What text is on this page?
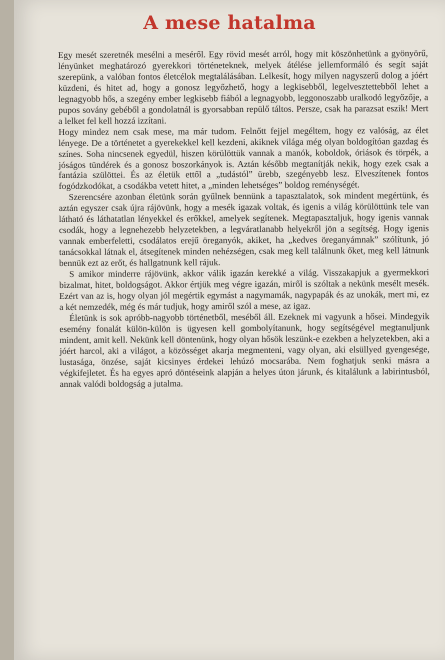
A mese hatalma

Egy mesét szeretnék mesélni a meséről. Egy rövid mesét arról, hogy mit köszönhetünk a gyönyörű, lényünket meghatározó gyerekkori történeteknek, melyek átélése jellemformáló és segít saját szerepünk, a valóban fontos életcélok megtalálásában. Lelkesít, hogy milyen nagyszerű dolog a jóért küzdeni, és hitet ad, hogy a gonosz legyőzhető, hogy a legkisebből, legelvesztettebből lehet a legnagyobb hős, a szegény ember legkisebb fiából a legnagyobb, leggonoszabb uralkodó legyőzője, a pupos sovány gebéből a gondolatnál is gyorsabban repülő táltos. Persze, csak ha parazsat eszik! Mert a lelket fel kell hozzá izzítani.

Hogy mindez nem csak mese, ma már tudom. Felnőtt fejjel megéltem, hogy ez valóság, az élet lényege. De a történetet a gyerekekkel kell kezdeni, akiknek világa még olyan boldogítóan gazdag és színes. Soha nincsenek egyedül, hiszen körülöttük vannak a manók, koboldok, óriások és törpék, a jóságos tündérek és a gonosz boszorkányok is. Aztán később megtanítják nekik, hogy ezek csak a fantázia szülöttei. És az életük ettől a „tudástól” ürebb, szegényebb lesz. Elveszítenek fontos fogódzkodókat, a csodákba vetett hitet, a „minden lehetséges” boldog reménységét.

Szerencsére azonban életünk során gyűlnek bennünk a tapasztalatok, sok mindent megértünk, és aztán egyszer csak újra rájövünk, hogy a mesék igazak voltak, és igenis a világ körülöttünk tele van látható és láthatatlan lényekkel és erőkkel, amelyek segítenek. Megtapasztaljuk, hogy igenis vannak csodák, hogy a legnehezebb helyzetekben, a legváratlanabb helyekről jön a segítség. Hogy igenis vannak emberfeletti, csodálatos erejű öreganyók, akiket, ha „kedves öreganyámnak” szólítunk, jó tanácsokkal látnak el, átsegítenek minden nehézségen, csak meg kell találnunk őket, meg kell látnunk bennük ezt az erőt, és hallgatnunk kell rájuk.

S amikor minderre rájövünk, akkor válik igazán kerekké a világ. Visszakapjuk a gyermekkori bizalmat, hitet, boldogságot. Akkor értjük meg végre igazán, miről is szóltak a nekünk mesélt mesék. Ezért van az is, hogy olyan jól megértik egymást a nagymamák, nagypapák és az unokák, mert mi, ez a két nemzedék, még és már tudjuk, hogy amiről szól a mese, az igaz.

Életünk is sok apróbb-nagyobb történetből, meséből áll. Ezeknek mi vagyunk a hősei. Mindegyik esemény fonalát külön-külön is ügyesen kell gombolyítanunk, hogy segítségével megtanuljunk mindent, amit kell. Nekünk kell döntenünk, hogy olyan hősök leszünk-e ezekben a helyzetekben, aki a jóért harcol, aki a világot, a közösséget akarja megmenteni, vagy olyan, aki elsüllyed gyengesége, lustasága, önzése, saját kicsinyes érdekei lehúzó mocsarába. Nem foghatjuk senki másra a végkifejletet. És ha egyes apró döntéseink alapján a helyes úton járunk, és kitalálunk a labirintusból, annak valódi boldogság a jutalma.
